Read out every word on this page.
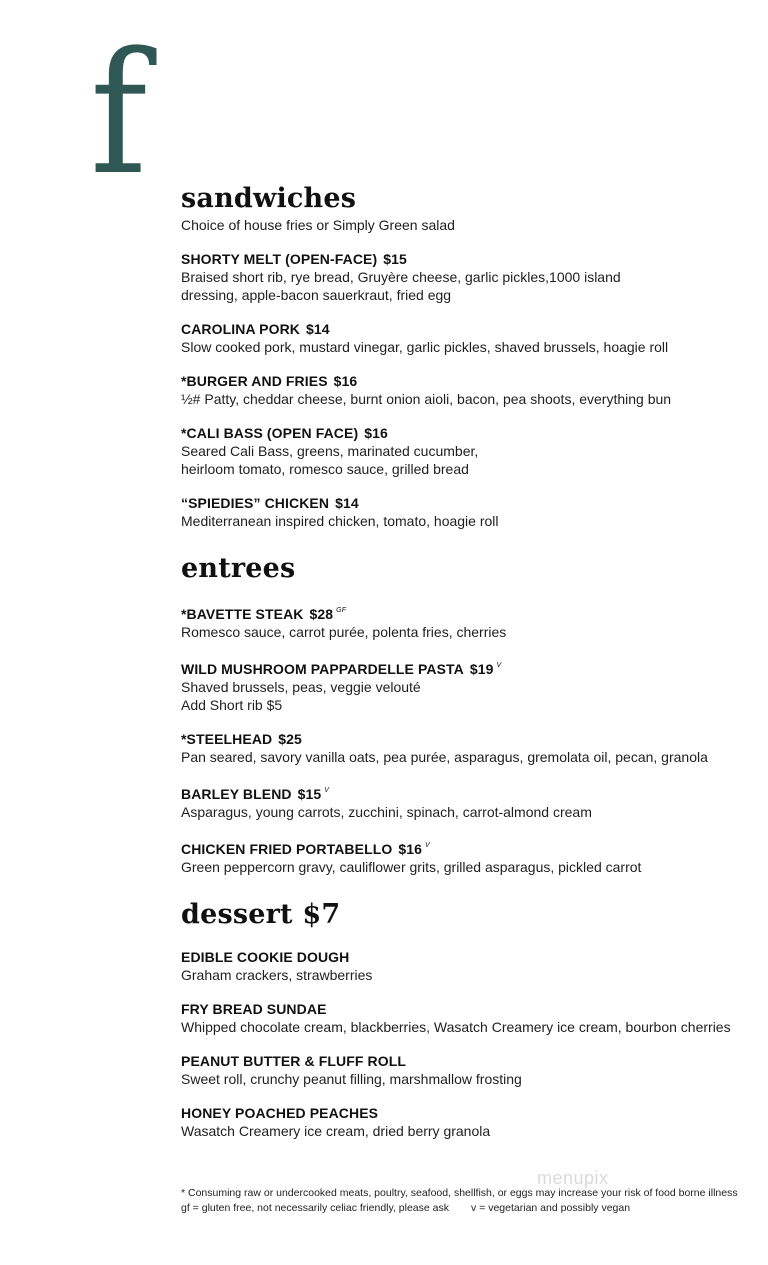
f sandwiches
Choice of house fries or Simply Green salad
SHORTY MELT (OPEN-FACE) $15
Braised short rib, rye bread, Gruyère cheese, garlic pickles,1000 island
dressing, apple-bacon sauerkraut, fried egg
CAROLINA PORK $14
Slow cooked pork, mustard vinegar, garlic pickles, shaved brussels, hoagie roll
*BURGER AND FRIES $16
½# Patty, cheddar cheese, burnt onion aioli, bacon, pea shoots, everything bun
*CALI BASS (OPEN FACE) $16
Seared Cali Bass, greens, marinated cucumber,
heirloom tomato, romesco sauce, grilled bread
“SPIEDIES” CHICKEN $14
Mediterranean inspired chicken, tomato, hoagie roll
entrees
*BAVETTE STEAK $28 $^{GF}$
Romesco sauce, carrot purée, polenta fries, cherries
WILD MUSHROOM PAPPARDELLE PASTA $19 $^V$
Shaved brussels, peas, veggie velouté
Add Short rib $5
*STEELHEAD $25
Pan seared, savory vanilla oats, pea purée, asparagus, gremolata oil, pecan, granola
BARLEY BLEND $15 $^V$
Asparagus, young carrots, zucchini, spinach, carrot-almond cream
CHICKEN FRIED PORTABELLO $16 $^V$
Green peppercorn gravy, cauliflower grits, grilled asparagus, pickled carrot
dessert $7
EDIBLE COOKIE DOUGH
Graham crackers, strawberries
FRY BREAD SUNDAE
Whipped chocolate cream, blackberries, Wasatch Creamery ice cream, bourbon cherries
PEANUT BUTTER & FLUFF ROLL
Sweet roll, crunchy peanut filling, marshmallow frosting
HONEY POACHED PEACHES
Wasatch Creamery ice cream, dried berry granola
menupix
* Consuming raw or undercooked meats, poultry, seafood, shellfish, or eggs may increase your risk of food borne illness
gf = gluten free, not necessarily celiac friendly, please ask v = vegetarian and possibly vegan
